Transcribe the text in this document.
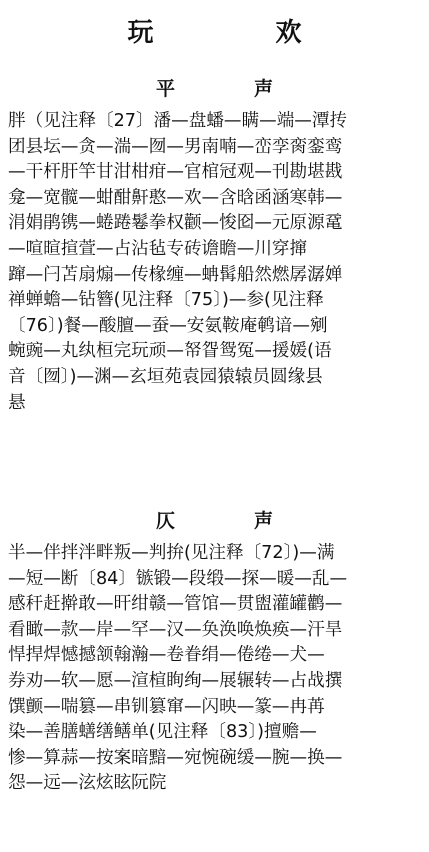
玩　欢
平　声
胖（见注释〔27〕潘—盘蟠—瞒—端—潭抟
团县坛—贪—湍—囫—男南喃—峦孪脔銮鸾
—干杆肝竿甘泔柑疳—官棺冠观—刊勘堪戡
龛—宽髋—蚶酣鼾憨—欢—含晗函涵寒韩—
涓娟鹃镌—蜷踡鬈拳权颧—悛囵—元原源鼋
—喧暄揎萱—占沾毡专砖谵瞻—川穿撺
蹿—闩苫扇煽—传椽缠—蚺髯船然燃孱潺婵
禅蝉蟾—钻簪(见注释〔75〕)—参(见注释
〔76〕)餐—酸膻—蚕—安氨鞍庵鹌谙—剜
蜿豌—丸纨桓完玩顽—帑眢鸳冤—援媛(语
音〔囫〕)—渊—玄垣苑袁园猿辕员圆缘县
悬
仄　声
半—伴拌泮畔叛—判拚(见注释〔72〕)—满
—短—断〔84〕镞锻—段缎—探—暖—乱—
感秆赶擀敢—旰绀赣—管馆—贯盥灌罐鹳—
看瞰—款—岸—罕—汉—奂涣唤焕痪—汗旱
悍捍焊憾撼颔翰瀚—卷眷绢—倦绻—犬—
券劝—软—愿—渲楦眴绚—展辗转—占战撰
馔颤—喘篡—串钏篡窜—闪映—篆—冉苒
染—善膳蟮缮鳝单(见注释〔83〕)擅赡—
惨—算蒜—按案暗黯—宛惋碗缓—腕—换—
怨—远—泫炫眩阮院
